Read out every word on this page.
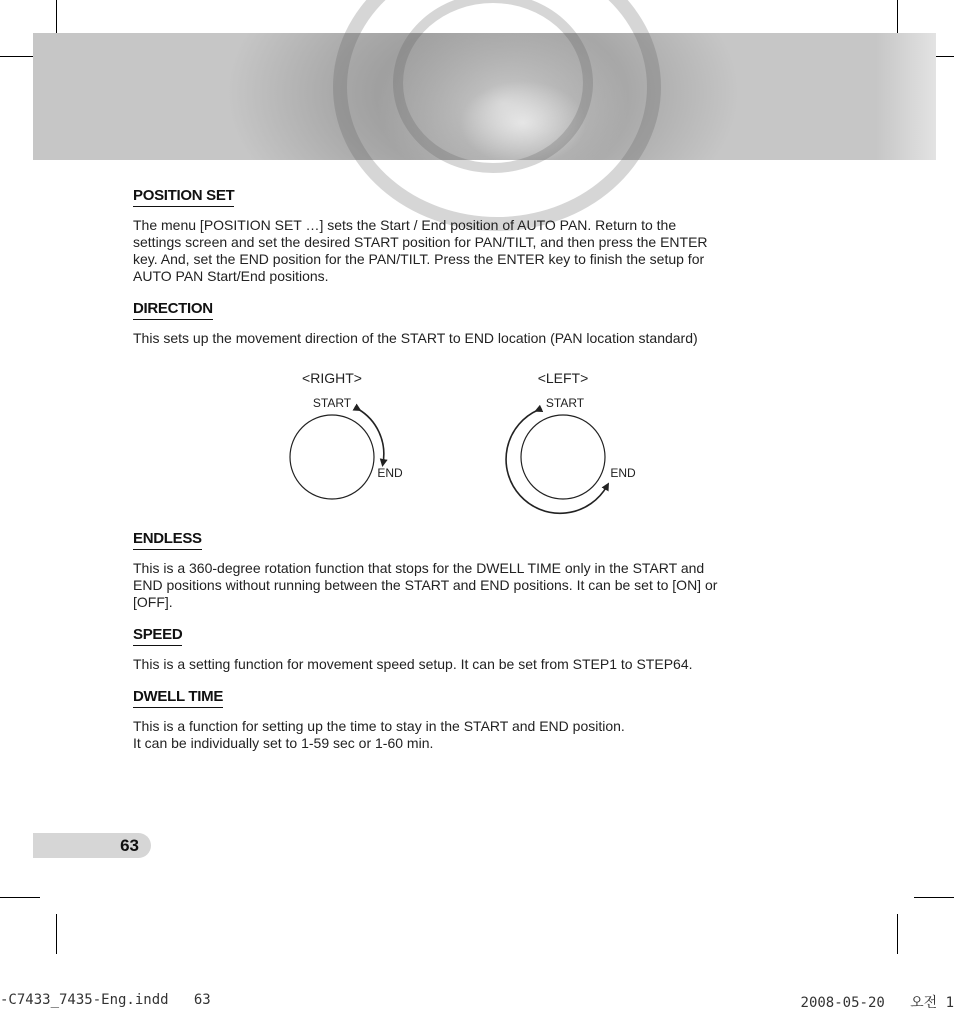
POSITION SET

The menu [POSITION SET …] sets the Start / End position of AUTO PAN. Return to the
settings screen and set the desired START position for PAN/TILT, and then press the ENTER
key. And, set the END position for the PAN/TILT. Press the ENTER key to finish the setup for
AUTO PAN Start/End positions.

DIRECTION

This sets up the movement direction of the START to END location (PAN location standard)

<RIGHT>
START
END
<LEFT>
START
END
ENDLESS

This is a 360-degree rotation function that stops for the DWELL TIME only in the START and
END positions without running between the START and END positions. It can be set to [ON] or
[OFF].

SPEED

This is a setting function for movement speed setup. It can be set from STEP1 to STEP64.

DWELL TIME

This is a function for setting up the time to stay in the START and END position.
It can be individually set to 1-59 sec or 1-60 min.

63
-C7433_7435-Eng.indd   63	2008-05-20   오전 1
